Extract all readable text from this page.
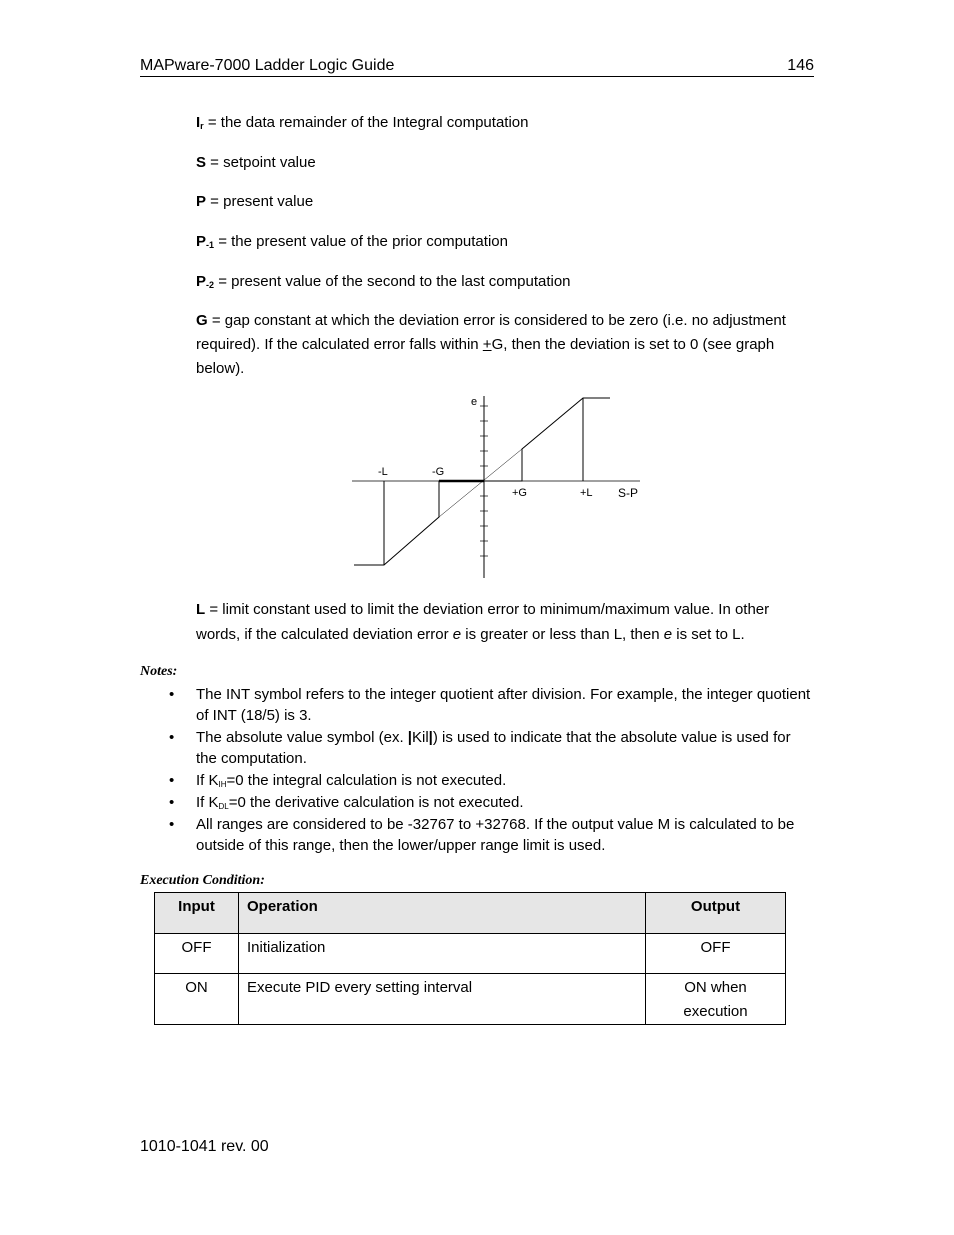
MAPware-7000 Ladder Logic Guide	146
$I_r$ = the data remainder of the Integral computation
S = setpoint value
P = present value
$P_{-1}$ = the present value of the prior computation
$P_{-2}$ = present value of the second to the last computation
G = gap constant at which the deviation error is considered to be zero (i.e. no adjustment required). If the calculated error falls within +G, then the deviation is set to 0 (see graph below).
e
S-P
-L	-G
+G	+L
L = limit constant used to limit the deviation error to minimum/maximum value. In other words, if the calculated deviation error e is greater or less than L, then e is set to L.
Notes:
• The INT symbol refers to the integer quotient after division. For example, the integer quotient of INT (18/5) is 3.
• The absolute value symbol (ex. |Kil|) is used to indicate that the absolute value is used for the computation.
• If $K_{IH}=0$ the integral calculation is not executed.
• If $K_{DL}=0$ the derivative calculation is not executed.
• All ranges are considered to be -32767 to +32768. If the output value M is calculated to be outside of this range, then the lower/upper range limit is used.
Execution Condition:
Input	Operation	Output
OFF	Initialization	OFF
ON	Execute PID every setting interval	ON when execution
1010-1041 rev. 00
